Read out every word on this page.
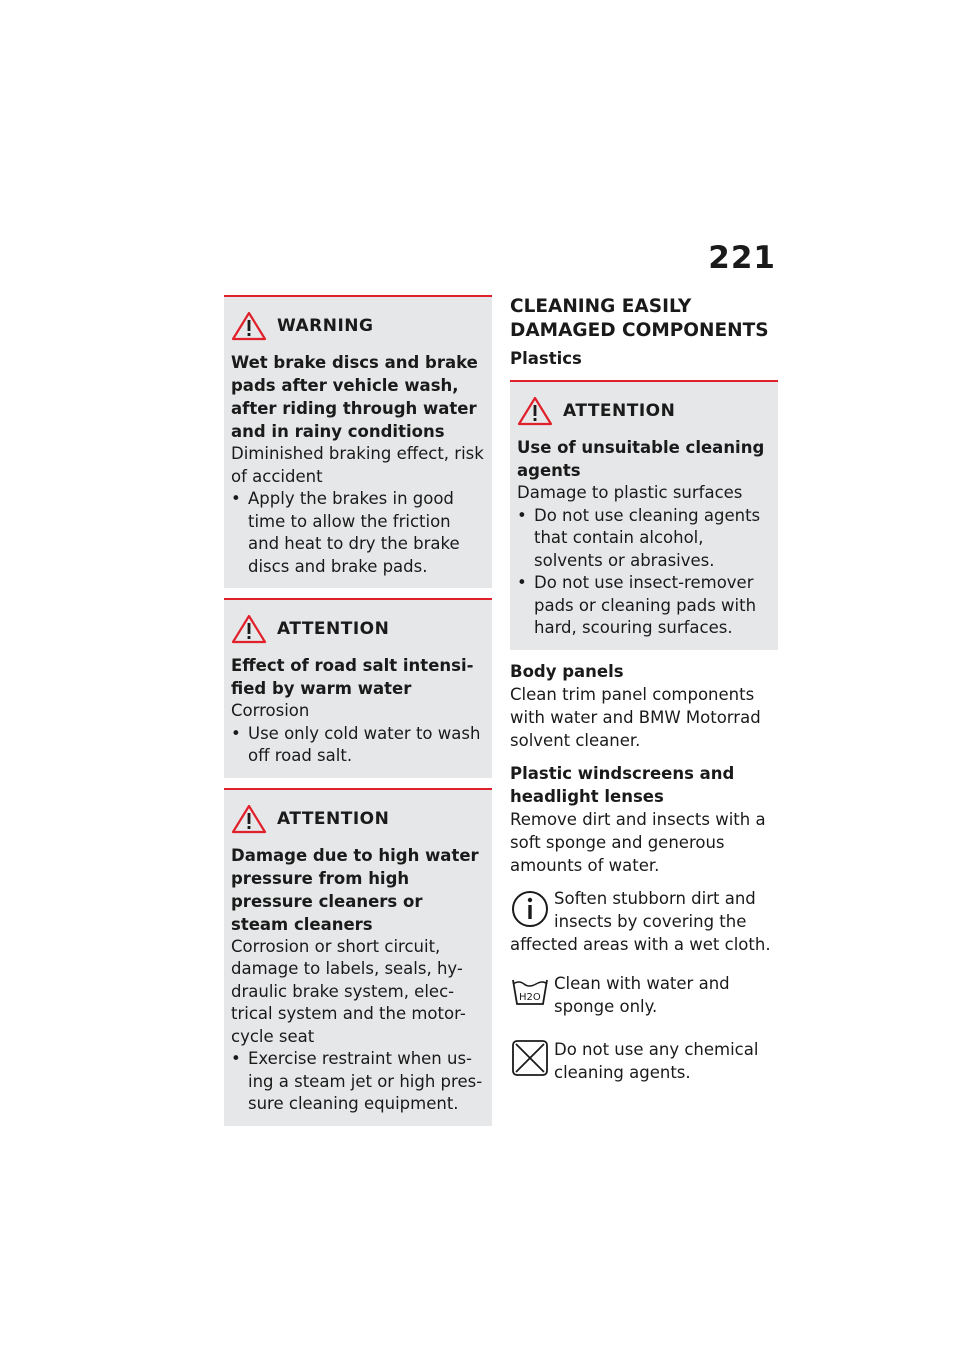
221
WARNING
Wet brake discs and brake pads after vehicle wash, after riding through water and in rainy conditions
Diminished braking effect, risk of accident
• Apply the brakes in good time to allow the friction and heat to dry the brake discs and brake pads.
ATTENTION
Effect of road salt intensi-fied by warm water
Corrosion
• Use only cold water to wash off road salt.
ATTENTION
Damage due to high water pressure from high pressure cleaners or steam cleaners
Corrosion or short circuit, damage to labels, seals, hy-draulic brake system, elec-trical system and the motor-cycle seat
• Exercise restraint when us-ing a steam jet or high pres-sure cleaning equipment.
CLEANING EASILY DAMAGED COMPONENTS
Plastics
ATTENTION
Use of unsuitable cleaning agents
Damage to plastic surfaces
• Do not use cleaning agents that contain alcohol, solvents or abrasives.
• Do not use insect-remover pads or cleaning pads with hard, scouring surfaces.
Body panels
Clean trim panel components with water and BMW Motorrad solvent cleaner.
Plastic windscreens and headlight lenses
Remove dirt and insects with a soft sponge and generous amounts of water.
Soften stubborn dirt and insects by covering the affected areas with a wet cloth.
H2O
Clean with water and sponge only.
Do not use any chemical cleaning agents.
